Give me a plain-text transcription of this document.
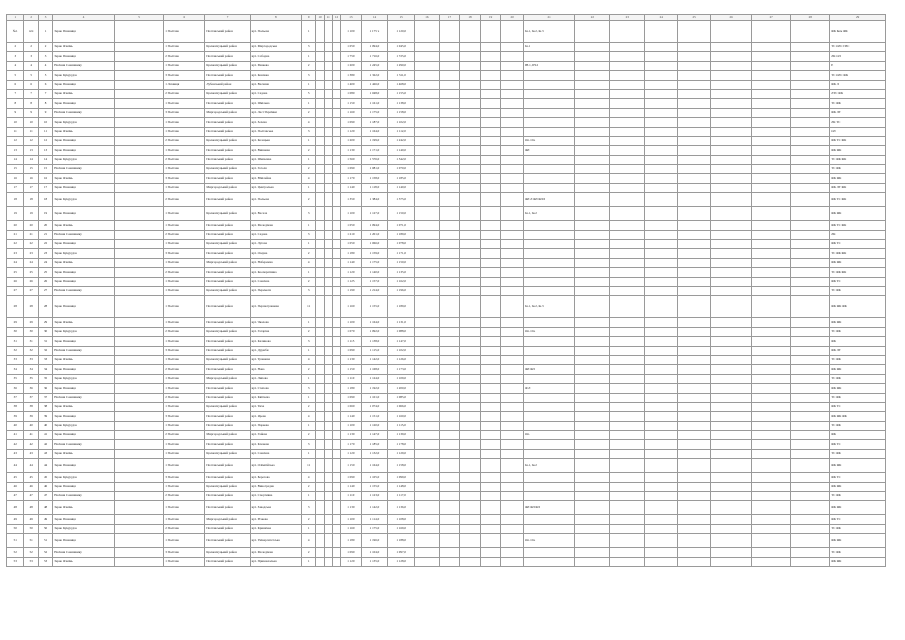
1	2	3	4	5	6	7	8	9	10	11	12	13	14	15	16	17	18	19	20	21	22	23	24	25	26	27	28	29
№1	п/п	1	Зерно Пшениця		1 Полтава	Полтавський район	вул. Польова	1				1 100	1 175 ч	1 120,0						Ін.1, Ін.2, Ін.3								ФК Ком ФК
2	2	2	Зерно Ячмінь		1 Полтава	Кременчуцький район	вул. Миргородська	3				1 050	1 094,0	1 045,0						Ін.1								ТС ОЛС ПЗС
3	3	3	Зерно Пшениця		2 Полтава	Полтавський район	вул. Соборна	1				1 750	1 716,0	1 725,0														ЛК ОЛ
4	4	4	Насіння Соняшнику		1 Полтава	Кременчуцький район	вул. Ринкова	2				1 200	1 245,0	1 290,0						ІН.1, ІН.2								Е
5	5	5	Зерно Кукурудза		3 Полтава	Полтавський район	вул. Ковпака	3				1 380	1 322,0	1 311,0														ТС ОЛС ФК
6	6	6	Зерно Пшениця		1 Лохвиця	Лубенський район	вул. Весняна	1				1 400	1 426,0	1 468,0														ФК Л
7	7	7	Зерно Ячмінь		2 Полтава	Кременчуцький район	вул. Садова	5				1 080	1 048,0	1 155,0														ЛТС ФК
8	8	8	Зерно Пшениця		1 Полтава	Полтавський район	вул. Шкільна	1				1 150	1 161,0	1 138,0														ТС ФК
9	9	9	Насіння Соняшнику		3 Полтава	Миргородський район	вул. Лесі Українки	2				1 160	1 175,0	1 158,0														ФК ЛТ
10	10	10	Зерно Кукурудза		1 Полтава	Полтавський район	вул. Зелена	4				1 090	1 187,0	1 102,0														ЛК ТС
11	11	11	Зерно Ячмінь		1 Полтава	Полтавський район	вул. Полтавська	3				1 120	1 164,0	1 112,0														ОЛ
12	12	12	Зерно Пшениця		2 Полтава	Кременчуцький район	вул. Козацька	1				1 200	1 199,0	1 242,0						Оп. Оп.								ФК ТС ФК
13	13	13	Зерно Пшениця		1 Полтава	Полтавський район	вул. Вишнева	2				1 130	1 171,0	1 140,0						ФЛ								ФК ФК
14	14	14	Зерно Кукурудза		2 Полтава	Полтавський район	вул. Шевченка	1				1 560	1 576,0	1 542,0														ТС ФК ФК
15	15	15	Насіння Соняшнику		1 Полтава	Кременчуцький район	вул. Гоголя	2				1 090	1 081,0	1 070,0														ТС ФК
16	16	16	Зерно Ячмінь		3 Полтава	Полтавський район	вул. Ювілейна	4				1 170	1 158,0	1 185,0														ФК ФК
17	17	17	Зерно Пшениця		1 Полтава	Миргородський район	вул. Центральна	1				1 140	1 118,0	1 140,0														ФК ЛТ ФК
18	18	18	Зерно Кукурудза		2 Полтава	Полтавський район	вул. Польова	2				1 350	1 384,0	1 375,0						ФЛ Л ФЛ ФЛЛ								ФК ТС ФК
19	19	19	Зерно Пшениця		1 Полтава	Кременчуцький район	вул. Весела	3				1 100	1 127,0	1 150,0						Ін.1, Ін.2								ФК ФК
20	20	20	Зерно Ячмінь		1 Полтава	Полтавський район	вул. Молодіжна	1				1 050	1 094,0	1 071,0														ФК ТС ФК
21	21	21	Насіння Соняшнику		2 Полтава	Полтавський район	вул. Садова	3				1 210	1 201,0	1 189,0														ЛК
22	22	22	Зерно Пшениця		1 Полтава	Кременчуцький район	вул. Лугова	1				1 050	1 066,0	1 078,0														ФК ТС
23	23	23	Зерно Кукурудза		3 Полтава	Полтавський район	вул. Озерна	2				1 180	1 159,0	1 171,0														ТС ФК ФК
24	24	24	Зерно Ячмінь		1 Полтава	Миргородський район	вул. Набережна	4				1 140	1 175,0	1 150,0														ФК ФК
25	25	25	Зерно Пшениця		2 Полтава	Полтавський район	вул. Кооперативна	1				1 120	1 140,0	1 135,0														ТС ФК ФК
26	26	26	Зерно Пшениця		1 Полтава	Полтавський район	вул. Сонячна	2				1 125	1 157,0	1 162,0														ФК ТС
27	27	27	Насіння Соняшнику		1 Полтава	Кременчуцький район	вул. Перемоги	3				1 190	1 214,0	1 196,0														ТС ФК
28	28	28	Зерно Пшениця		1 Полтава	Полтавський район	вул. Першотравнева	11				1 160	1 155,0	1 189,0						Ін.1, Ін.2, Ін.3								ФК ФК ФК
29	29	29	Зерно Ячмінь		1 Полтава	Полтавський район	вул. Чкалова	1				1 100	1 164,0	1 131,0														ФК ФК
30	30	30	Зерно Кукурудза		2 Полтава	Кременчуцький район	вул. Гагаріна	2				1 070	1 092,0	1 088,0						Оп. Оп.								ТС ФК
31	31	31	Зерно Пшениця		1 Полтава	Полтавський район	вул. Калинова	3				1 115	1 138,0	1 147,0														ФК
32	32	32	Насіння Соняшнику		3 Полтава	Полтавський район	вул. Дружби	1				1 090	1 115,0	1 102,0														ФК ЛТ
33	33	33	Зерно Ячмінь		1 Полтава	Кременчуцький район	вул. Травнева	4				1 130	1 142,0	1 126,0														ТС ФК
34	34	34	Зерно Пшениця		2 Полтава	Полтавський район	вул. Нова	2				1 150	1 168,0	1 173,0						ФЛ ФЛ								ФК ФК
35	35	35	Зерно Кукурудза		1 Полтава	Миргородський район	вул. Липова	1				1 110	1 124,0	1 109,0														ТС ФК
36	36	36	Зерно Пшениця		1 Полтава	Полтавський район	вул. Степова	3				1 180	1 192,0	1 200,0						Ф Л								ФК ФК
37	37	37	Насіння Соняшнику		2 Полтава	Полтавський район	вул. Квітнева	1				1 090	1 101,0	1 085,0														ТС ФК
38	38	38	Зерно Ячмінь		1 Полтава	Кременчуцький район	вул. Тиха	2				1 060	1 074,0	1 066,0														ФК ТС
39	39	39	Зерно Пшениця		3 Полтава	Полтавський район	вул. Ярова	4				1 140	1 151,0	1 160,0														ФК ФК ФК
40	40	40	Зерно Кукурудза		1 Полтава	Полтавський район	вул. Паркова	1				1 100	1 120,0	1 115,0														ТС ФК
41	41	41	Зерно Пшениця		2 Полтава	Миргородський район	вул. Гайова	2				1 130	1 147,0	1 139,0						Оп.								ФК
42	42	42	Насіння Соняшнику		1 Полтава	Полтавський район	вул. Кленова	3				1 170	1 185,0	1 178,0														ФК ТС
43	43	43	Зерно Ячмінь		1 Полтава	Кременчуцький район	вул. Сонячна	1				1 120	1 132,0	1 129,0														ТС ФК
44	44	44	Зерно Пшениця		1 Полтава	Полтавський район	вул. Олімпійська	11				1 150	1 164,0	1 158,0						Ін.1, Ін.2								ФК ФК
45	45	45	Зерно Кукурудза		3 Полтава	Полтавський район	вул. Берегова	4				1 090	1 105,0	1 099,0														ФК ТС
46	46	46	Зерно Пшениця		1 Полтава	Кременчуцький район	вул. Виноградна	2				1 140	1 155,0	1 148,0														ФК ФК
47	47	47	Насіння Соняшнику		2 Полтава	Полтавський район	вул. Спортивна	1				1 110	1 123,0	1 117,0														ТС ФК
48	48	48	Зерно Ячмінь		1 Полтава	Полтавський район	вул. Заводська	3				1 130	1 142,0	1 136,0						ФЛ ФЛ ФЛ								ФК ФК
49	49	49	Зерно Пшениця		1 Полтава	Миргородський район	вул. Річкова	2				1 100	1 114,0	1 108,0														ФК ТС
50	50	50	Зерно Кукурудза		2 Полтава	Полтавський район	вул. Криничка	1				1 160	1 175,0	1 169,0														ТС ФК
51	51	51	Зерно Пшениця		1 Полтава	Полтавський район	вул. Університетська	4				1 180	1 196,0	1 188,0						Оп. Оп.								ФК ФК
52	52	52	Насіння Соняшнику		3 Полтава	Кременчуцький район	вул. Молодіжна	2				1 090	1 104,0	1 097,0														ТС ФК
53	53	53	Зерно Ячмінь		1 Полтава	Полтавський район	вул. Привокзальна	1				1 120	1 135,0	1 128,0														ФК ФК
